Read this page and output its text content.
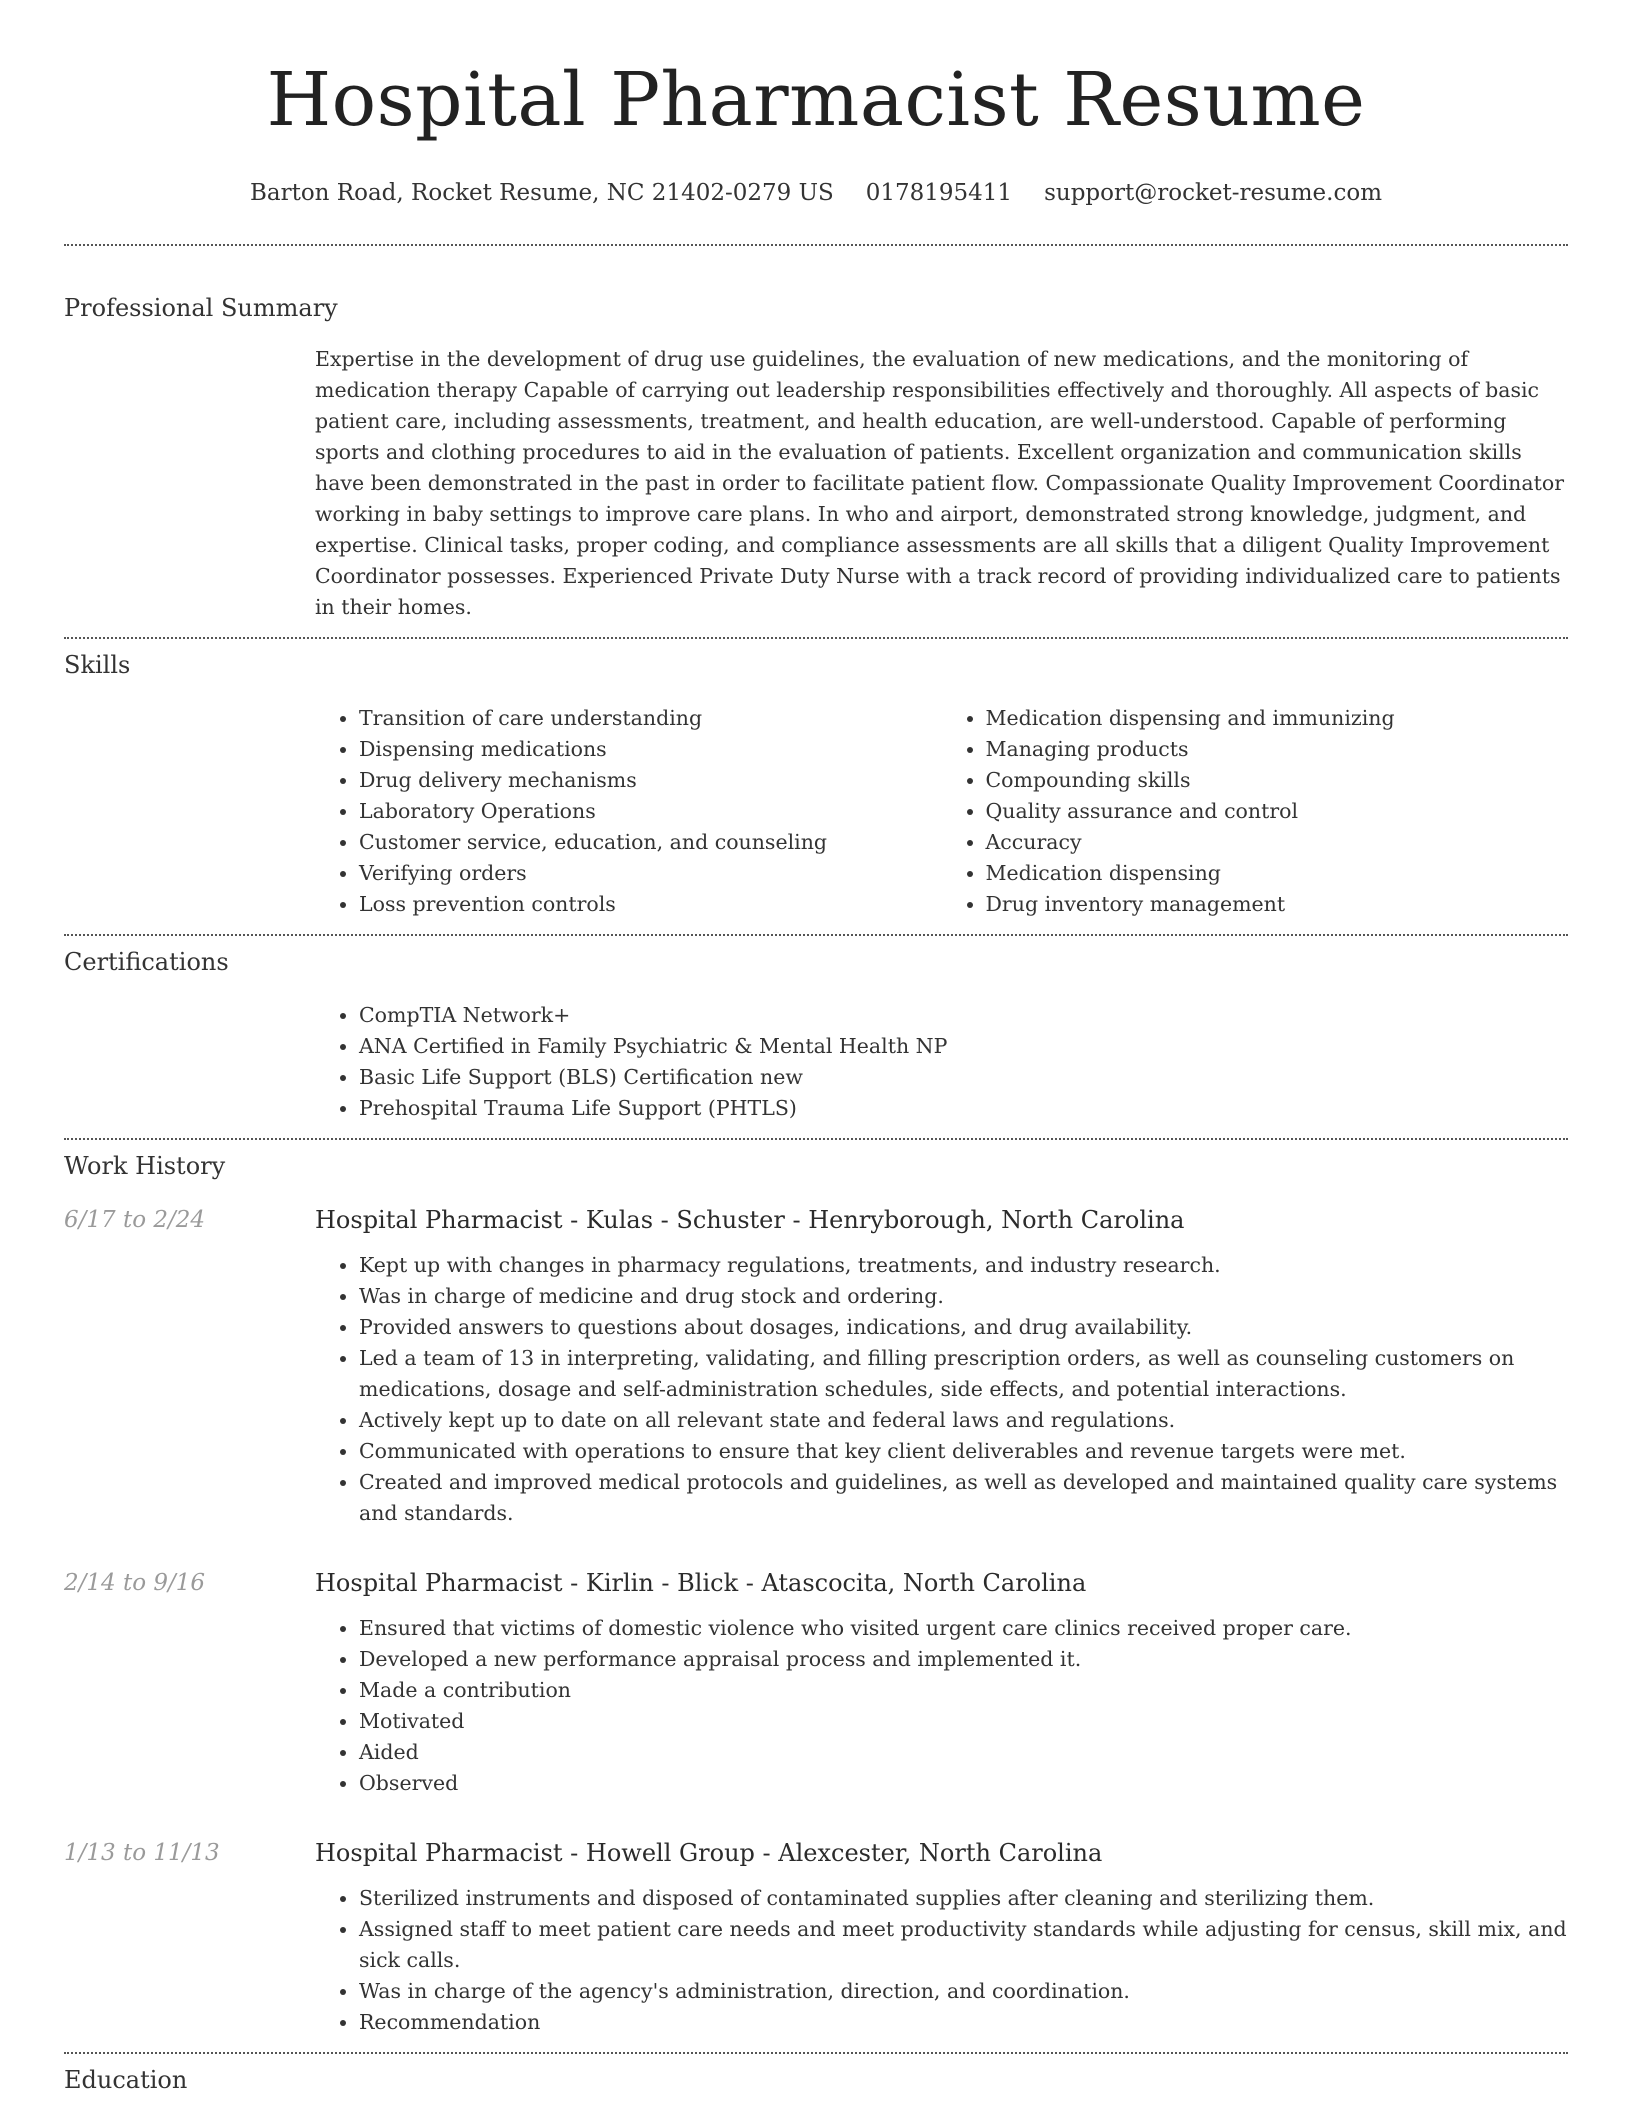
Hospital Pharmacist Resume
Barton Road, Rocket Resume, NC 21402-0279 US 0178195411 support@rocket-resume.com
Professional Summary

Expertise in the development of drug use guidelines, the evaluation of new medications, and the monitoring of medication therapy Capable of carrying out leadership responsibilities effectively and thoroughly. All aspects of basic patient care, including assessments, treatment, and health education, are well-understood. Capable of performing sports and clothing procedures to aid in the evaluation of patients. Excellent organization and communication skills have been demonstrated in the past in order to facilitate patient flow. Compassionate Quality Improvement Coordinator working in baby settings to improve care plans. In who and airport, demonstrated strong knowledge, judgment, and expertise. Clinical tasks, proper coding, and compliance assessments are all skills that a diligent Quality Improvement Coordinator possesses. Experienced Private Duty Nurse with a track record of providing individualized care to patients in their homes.

Skills
• Transition of care understanding
• Dispensing medications
• Drug delivery mechanisms
• Laboratory Operations
• Customer service, education, and counseling
• Verifying orders
• Loss prevention controls
• Medication dispensing and immunizing
• Managing products
• Compounding skills
• Quality assurance and control
• Accuracy
• Medication dispensing
• Drug inventory management
Certifications
• CompTIA Network+
• ANA Certified in Family Psychiatric & Mental Health NP
• Basic Life Support (BLS) Certification new
• Prehospital Trauma Life Support (PHTLS)
Work History
6/17 to 2/24	Hospital Pharmacist - Kulas - Schuster - Henryborough, North Carolina
• Kept up with changes in pharmacy regulations, treatments, and industry research.
• Was in charge of medicine and drug stock and ordering.
• Provided answers to questions about dosages, indications, and drug availability.
• Led a team of 13 in interpreting, validating, and filling prescription orders, as well as counseling customers on medications, dosage and self-administration schedules, side effects, and potential interactions.
• Actively kept up to date on all relevant state and federal laws and regulations.
• Communicated with operations to ensure that key client deliverables and revenue targets were met.
• Created and improved medical protocols and guidelines, as well as developed and maintained quality care systems and standards.
2/14 to 9/16	Hospital Pharmacist - Kirlin - Blick - Atascocita, North Carolina
• Ensured that victims of domestic violence who visited urgent care clinics received proper care.
• Developed a new performance appraisal process and implemented it.
• Made a contribution
• Motivated
• Aided
• Observed
1/13 to 11/13	Hospital Pharmacist - Howell Group - Alexcester, North Carolina
• Sterilized instruments and disposed of contaminated supplies after cleaning and sterilizing them.
• Assigned staff to meet patient care needs and meet productivity standards while adjusting for census, skill mix, and sick calls.
• Was in charge of the agency's administration, direction, and coordination.
• Recommendation
Education
